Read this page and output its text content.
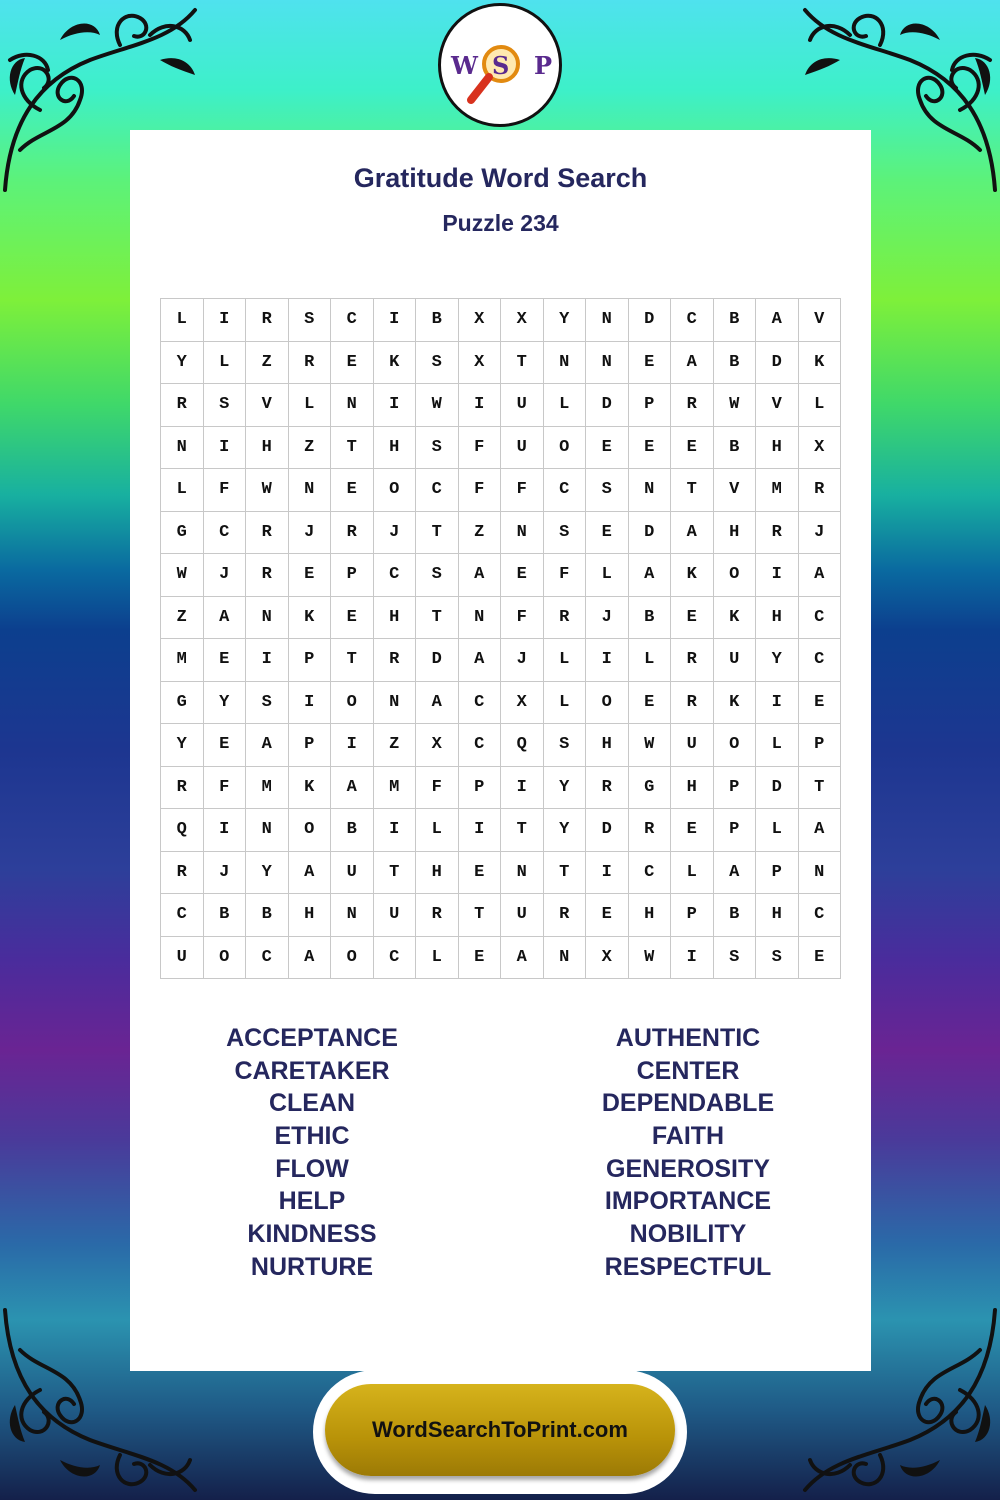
W S P
Gratitude Word Search
Puzzle 234
L	I	R	S	C	I	B	X	X	Y	N	D	C	B	A	V
Y	L	Z	R	E	K	S	X	T	N	N	E	A	B	D	K
R	S	V	L	N	I	W	I	U	L	D	P	R	W	V	L
N	I	H	Z	T	H	S	F	U	O	E	E	E	B	H	X
L	F	W	N	E	O	C	F	F	C	S	N	T	V	M	R
G	C	R	J	R	J	T	Z	N	S	E	D	A	H	R	J
W	J	R	E	P	C	S	A	E	F	L	A	K	O	I	A
Z	A	N	K	E	H	T	N	F	R	J	B	E	K	H	C
M	E	I	P	T	R	D	A	J	L	I	L	R	U	Y	C
G	Y	S	I	O	N	A	C	X	L	O	E	R	K	I	E
Y	E	A	P	I	Z	X	C	Q	S	H	W	U	O	L	P
R	F	M	K	A	M	F	P	I	Y	R	G	H	P	D	T
Q	I	N	O	B	I	L	I	T	Y	D	R	E	P	L	A
R	J	Y	A	U	T	H	E	N	T	I	C	L	A	P	N
C	B	B	H	N	U	R	T	U	R	E	H	P	B	H	C
U	O	C	A	O	C	L	E	A	N	X	W	I	S	S	E
ACCEPTANCE
CARETAKER
CLEAN
ETHIC
FLOW
HELP
KINDNESS
NURTURE
AUTHENTIC
CENTER
DEPENDABLE
FAITH
GENEROSITY
IMPORTANCE
NOBILITY
RESPECTFUL
WordSearchToPrint.com
